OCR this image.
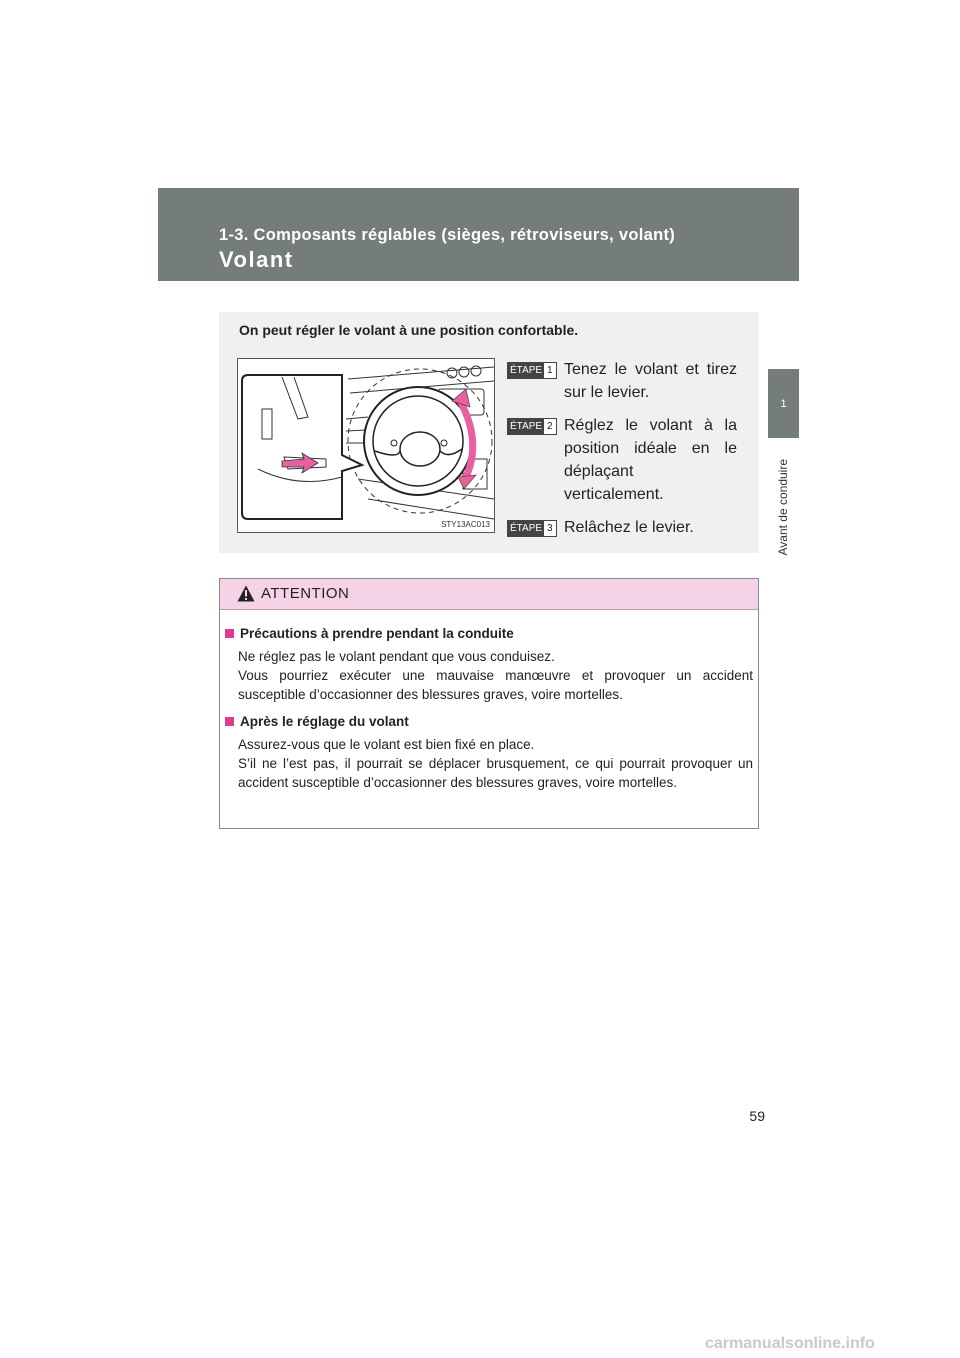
1-3. Composants réglables (sièges, rétroviseurs, volant)
Volant
1
Avant de conduire
On peut régler le volant à une position confortable.
STY13AC013
ÉTAPE 1 Tenez le volant et tirez sur le levier.
ÉTAPE 2 Réglez le volant à la position idéale en le déplaçant verticalement.
ÉTAPE 3 Relâchez le levier.
ATTENTION
Précautions à prendre pendant la conduite

Ne réglez pas le volant pendant que vous conduisez.

Vous pourriez exécuter une mauvaise manœuvre et provoquer un accident susceptible d’occasionner des blessures graves, voire mortelles.

Après le réglage du volant

Assurez-vous que le volant est bien fixé en place.

S’il ne l’est pas, il pourrait se déplacer brusquement, ce qui pourrait provoquer un accident susceptible d’occasionner des blessures graves, voire mortelles.

59
carmanualsonline.info
